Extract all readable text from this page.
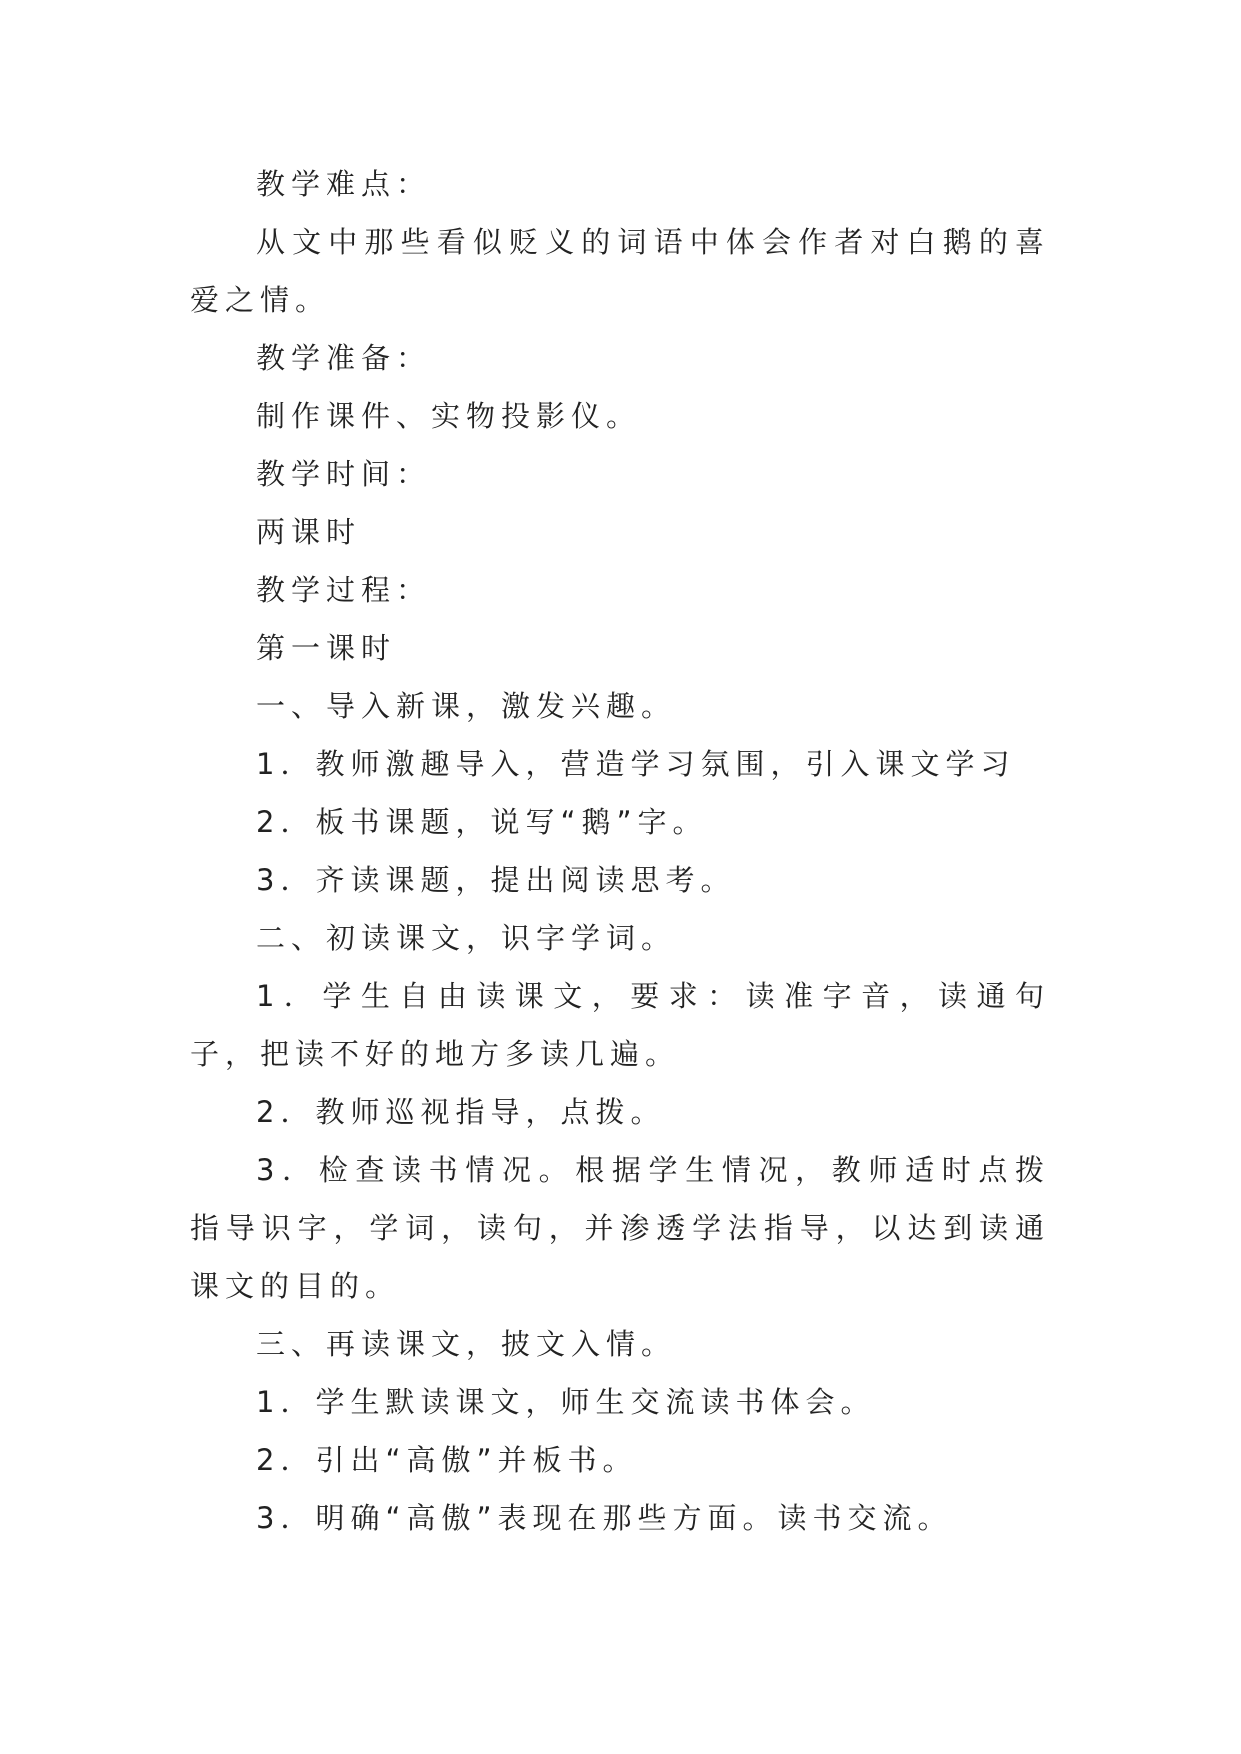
教学难点：

从文中那些看似贬义的词语中体会作者对白鹅的喜爱之情。

教学准备：

制作课件、实物投影仪。

教学时间：

两课时

教学过程：

第一课时

一、导入新课，激发兴趣。

1．教师激趣导入，营造学习氛围，引入课文学习

2．板书课题，说写“鹅”字。

3．齐读课题，提出阅读思考。

二、初读课文，识字学词。

1．学生自由读课文，要求：读准字音，读通句子，把读不好的地方多读几遍。

2．教师巡视指导，点拨。

3．检查读书情况。根据学生情况，教师适时点拨指导识字，学词，读句，并渗透学法指导，以达到读通课文的目的。

三、再读课文，披文入情。

1．学生默读课文，师生交流读书体会。

2．引出“高傲”并板书。

3．明确“高傲”表现在那些方面。读书交流。
